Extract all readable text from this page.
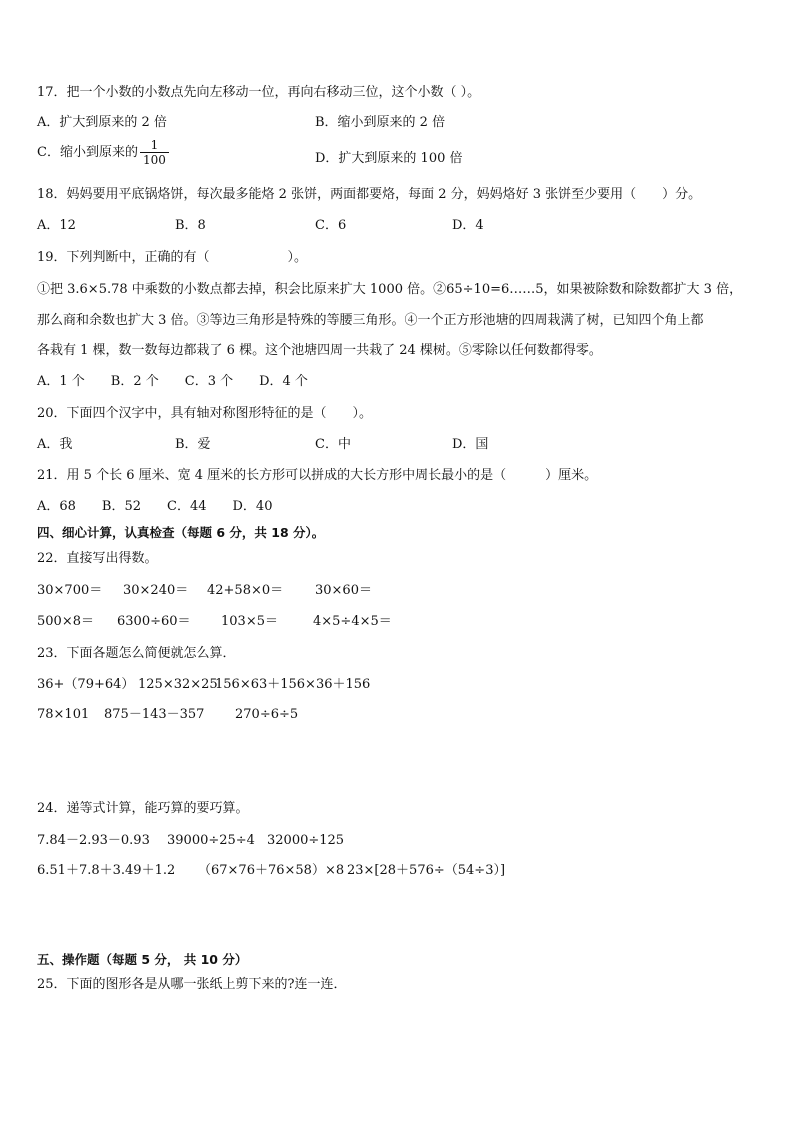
17．把一个小数的小数点先向左移动一位，再向右移动三位，这个小数（ ）。
A．扩大到原来的 2 倍	B．缩小到原来的 2 倍
C．缩小到原来的 $\frac{1}{100}$	D．扩大到原来的 100 倍
18．妈妈要用平底锅烙饼，每次最多能烙 2 张饼，两面都要烙，每面 2 分，妈妈烙好 3 张饼至少要用（　　）分。
A．12	B．8	C．6	D．4
19．下列判断中，正确的有（　　　　　　）。
①把 3.6×5.78 中乘数的小数点都去掉，积会比原来扩大 1000 倍。②65÷10=6……5，如果被除数和除数都扩大 3 倍，
那么商和余数也扩大 3 倍。③等边三角形是特殊的等腰三角形。④一个正方形池塘的四周栽满了树，已知四个角上都
各栽有 1 棵，数一数每边都栽了 6 棵。这个池塘四周一共栽了 24 棵树。⑤零除以任何数都得零。
A．1 个　　B．2 个　　C．3 个　　D．4 个
20．下面四个汉字中，具有轴对称图形特征的是（　　）。
A．我	B．爱	C．中	D．国
21．用 5 个长 6 厘米、宽 4 厘米的长方形可以拼成的大长方形中周长最小的是（　　　）厘米。
A．68　　B．52　　C．44　　D．40
四、细心计算，认真检查（每题 6 分，共 18 分）。
22．直接写出得数。
30×700＝ 30×240＝ 42+58×0＝ 30×60＝
500×8＝ 6300÷60＝ 103×5＝	4×5÷4×5＝
23．下面各题怎么简便就怎么算．
36+（79+64） 125×32×25
156×63＋156×36＋156
78×101 875－143－357 270÷6÷5
24．递等式计算，能巧算的要巧算。
7.84－2.93－0.93 39000÷25÷4 32000÷125
6.51＋7.8＋3.49＋1.2 （67×76＋76×58）×8 23×[28＋576÷（54÷3）]
五、操作题（每题 5 分， 共 10 分）
25．下面的图形各是从哪一张纸上剪下来的?连一连．
